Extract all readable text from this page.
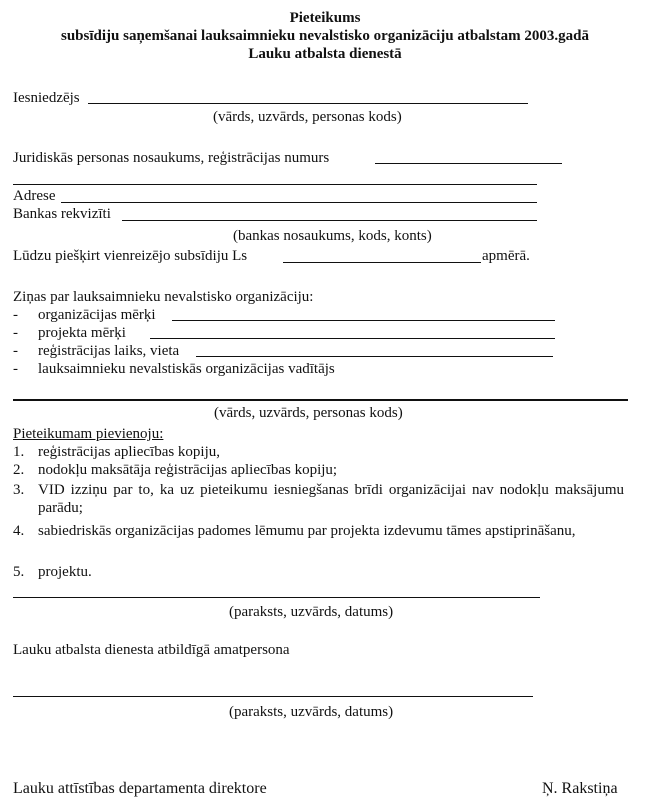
Pieteikums
subsīdiju saņemšanai lauksaimnieku nevalstisko organizāciju atbalstam 2003.gadā
Lauku atbalsta dienestā
Iesniedzējs
(vārds, uzvārds, personas kods)
Juridiskās personas nosaukums, reģistrācijas numurs
Adrese
Bankas rekvizīti
(bankas nosaukums, kods, konts)
Lūdzu piešķirt vienreizējo subsīdiju Ls	apmērā.
Ziņas par lauksaimnieku nevalstisko organizāciju:
- organizācijas mērķi
- projekta mērķi
- reģistrācijas laiks, vieta
- lauksaimnieku nevalstiskās organizācijas vadītājs
(vārds, uzvārds, personas kods)
Pieteikumam pievienoju:
1. reģistrācijas apliecības kopiju,
2. nodokļu maksātāja reģistrācijas apliecības kopiju;
3. VID izziņu par to, ka uz pieteikumu iesniegšanas brīdi organizācijai nav nodokļu maksājumu parādu;
4. sabiedriskās organizācijas padomes lēmumu par projekta izdevumu tāmes apstiprināšanu,
5. projektu.
(paraksts, uzvārds, datums)
Lauku atbalsta dienesta atbildīgā amatpersona
(paraksts, uzvārds, datums)
Lauku attīstības departamenta direktore	Ņ. Rakstiņa
